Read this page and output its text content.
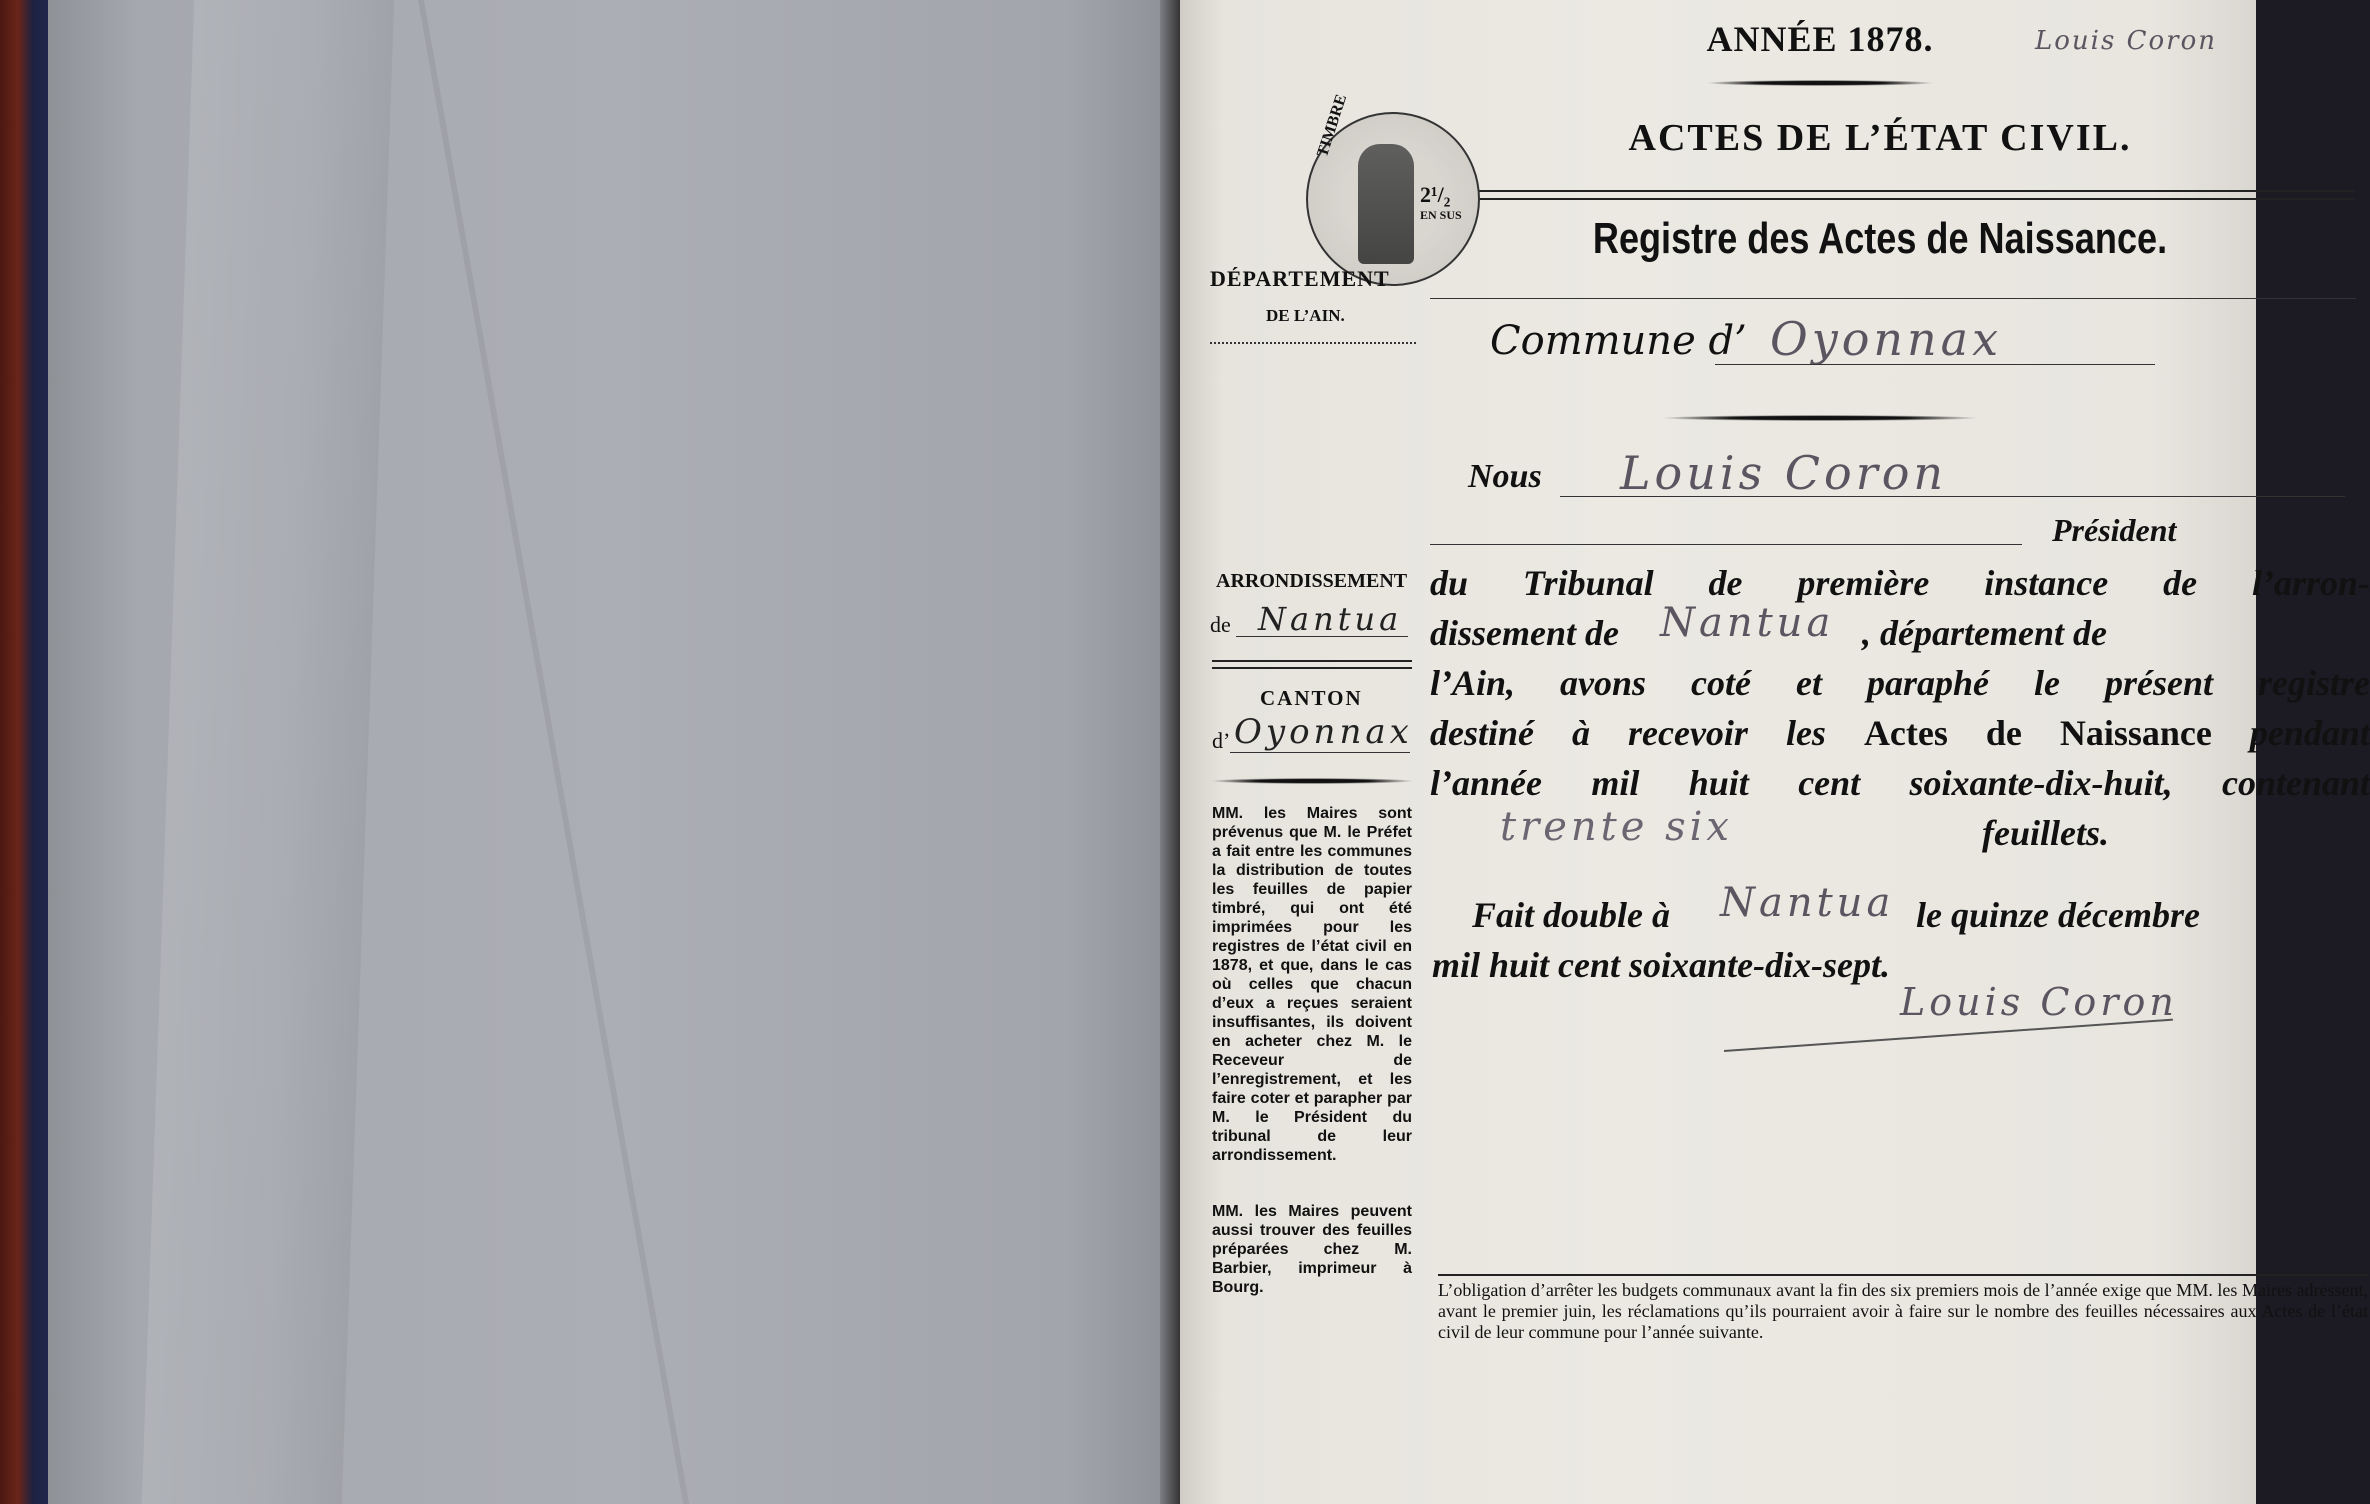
ANNÉE 1878.	Louis Coron
ACTES DE L’ÉTAT CIVIL.
Registre des Actes de Naissance.
TIMBRE
2¹/₂
EN SUS
DÉPARTEMENT
DE L’AIN.
Commune d’ Oyonnax
Nous Louis Coron
Président
ARRONDISSEMENT
de Nantua
CANTON
d’ Oyonnax
MM. les Maires sont prévenus que M. le Préfet a fait entre les communes la distribution de toutes les feuilles de papier timbré, qui ont été imprimées pour les registres de l’état civil en 1878, et que, dans le cas où celles que chacun d’eux a reçues seraient insuffisantes, ils doivent en acheter chez M. le Receveur de l’enregistrement, et les faire coter et parapher par M. le Président du tribunal de leur arrondissement.
MM. les Maires peuvent aussi trouver des feuilles préparées chez M. Barbier, imprimeur à Bourg.
du Tribunal de première instance de l’arron-
dissement de Nantua , département de
l’Ain, avons coté et paraphé le présent registre
destiné à recevoir les Actes de Naissance pendant
l’année mil huit cent soixante-dix-huit, contenant
trente six	feuillets.
Fait double à Nantua le quinze décembre
mil huit cent soixante-dix-sept.
Louis Coron
L’obligation d’arrêter les budgets communaux avant la fin des six premiers mois de l’année exige que MM. les Maires adressent, avant le premier juin, les réclamations qu’ils pourraient avoir à faire sur le nombre des feuilles nécessaires aux Actes de l’état civil de leur commune pour l’année suivante.
